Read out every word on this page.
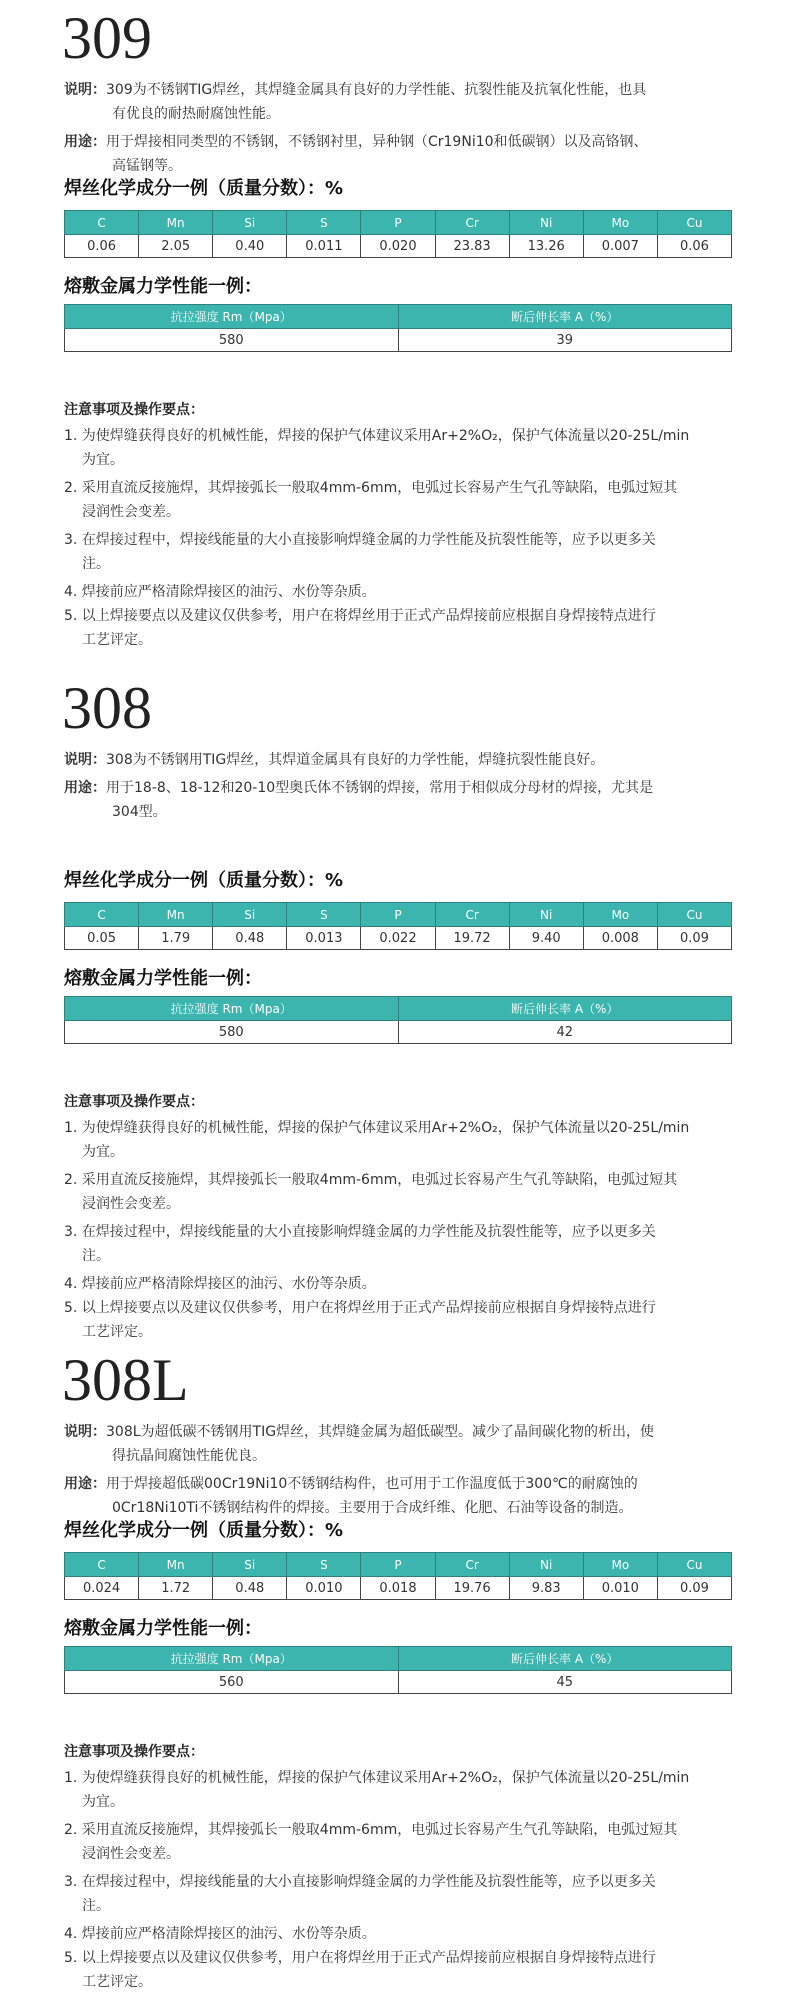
309
说明：309为不锈钢TIG焊丝，其焊缝金属具有良好的力学性能、抗裂性能及抗氧化性能，也具
有优良的耐热耐腐蚀性能。
用途：用于焊接相同类型的不锈钢，不锈钢衬里，异种钢（Cr19Ni10和低碳钢）以及高铬钢、
高锰钢等。
焊丝化学成分一例（质量分数）：%
C	Mn	Si	S	P	Cr	Ni	Mo	Cu
0.06	2.05	0.40	0.011	0.020	23.83	13.26	0.007	0.06
熔敷金属力学性能一例：
抗拉强度 Rm（Mpa）	断后伸长率 A（%）
580	39
注意事项及操作要点：
1. 为使焊缝获得良好的机械性能，焊接的保护气体建议采用Ar+2%O₂，保护气体流量以20-25L/min
为宜。
2. 采用直流反接施焊，其焊接弧长一般取4mm-6mm，电弧过长容易产生气孔等缺陷，电弧过短其
浸润性会变差。
3. 在焊接过程中，焊接线能量的大小直接影响焊缝金属的力学性能及抗裂性能等，应予以更多关
注。
4. 焊接前应严格清除焊接区的油污、水份等杂质。
5. 以上焊接要点以及建议仅供参考，用户在将焊丝用于正式产品焊接前应根据自身焊接特点进行
工艺评定。
308
说明：308为不锈钢用TIG焊丝，其焊道金属具有良好的力学性能，焊缝抗裂性能良好。
用途：用于18-8、18-12和20-10型奥氏体不锈钢的焊接，常用于相似成分母材的焊接，尤其是
304型。
焊丝化学成分一例（质量分数）：%
C	Mn	Si	S	P	Cr	Ni	Mo	Cu
0.05	1.79	0.48	0.013	0.022	19.72	9.40	0.008	0.09
熔敷金属力学性能一例：
抗拉强度 Rm（Mpa）	断后伸长率 A（%）
580	42
注意事项及操作要点：
1. 为使焊缝获得良好的机械性能，焊接的保护气体建议采用Ar+2%O₂，保护气体流量以20-25L/min
为宜。
2. 采用直流反接施焊，其焊接弧长一般取4mm-6mm，电弧过长容易产生气孔等缺陷，电弧过短其
浸润性会变差。
3. 在焊接过程中，焊接线能量的大小直接影响焊缝金属的力学性能及抗裂性能等，应予以更多关
注。
4. 焊接前应严格清除焊接区的油污、水份等杂质。
5. 以上焊接要点以及建议仅供参考，用户在将焊丝用于正式产品焊接前应根据自身焊接特点进行
工艺评定。
308L
说明：308L为超低碳不锈钢用TIG焊丝，其焊缝金属为超低碳型。减少了晶间碳化物的析出，使
得抗晶间腐蚀性能优良。
用途：用于焊接超低碳00Cr19Ni10不锈钢结构件，也可用于工作温度低于300℃的耐腐蚀的
0Cr18Ni10Ti不锈钢结构件的焊接。主要用于合成纤维、化肥、石油等设备的制造。
焊丝化学成分一例（质量分数）：%
C	Mn	Si	S	P	Cr	Ni	Mo	Cu
0.024	1.72	0.48	0.010	0.018	19.76	9.83	0.010	0.09
熔敷金属力学性能一例：
抗拉强度 Rm（Mpa）	断后伸长率 A（%）
560	45
注意事项及操作要点：
1. 为使焊缝获得良好的机械性能，焊接的保护气体建议采用Ar+2%O₂，保护气体流量以20-25L/min
为宜。
2. 采用直流反接施焊，其焊接弧长一般取4mm-6mm，电弧过长容易产生气孔等缺陷，电弧过短其
浸润性会变差。
3. 在焊接过程中，焊接线能量的大小直接影响焊缝金属的力学性能及抗裂性能等，应予以更多关
注。
4. 焊接前应严格清除焊接区的油污、水份等杂质。
5. 以上焊接要点以及建议仅供参考，用户在将焊丝用于正式产品焊接前应根据自身焊接特点进行
工艺评定。
